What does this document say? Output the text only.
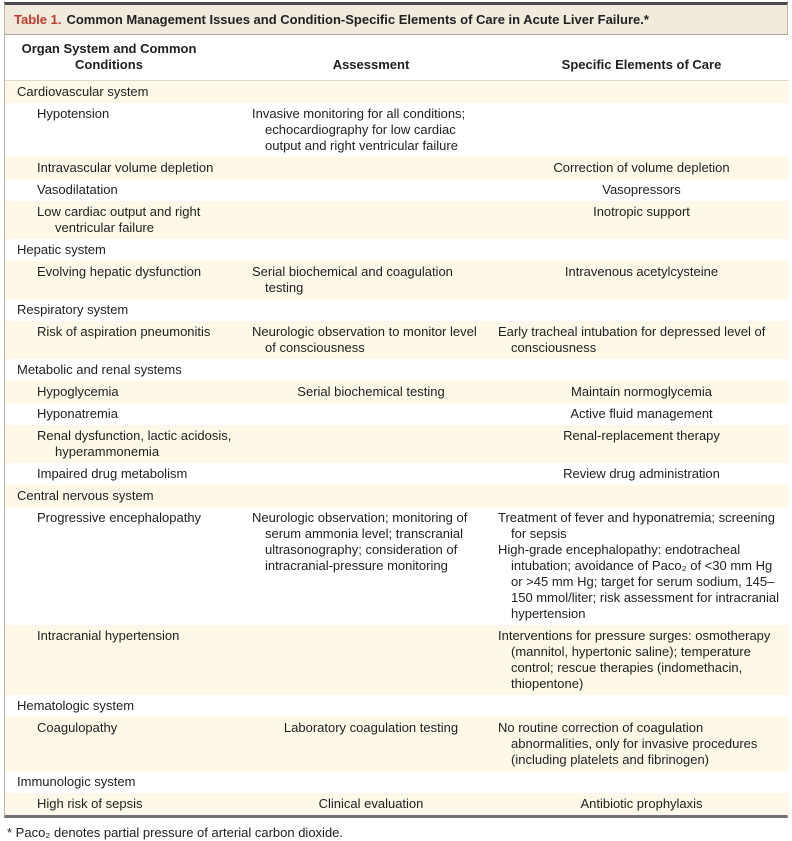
Table 1. Common Management Issues and Condition-Specific Elements of Care in Acute Liver Failure.*
Organ System and Common Conditions	Assessment	Specific Elements of Care
Cardiovascular system		
Hypotension	Invasive monitoring for all conditions; echocardiography for low cardiac output and right ventricular failure	

Intravascular volume depletion		Correction of volume depletion

Vasodilatation		Vasopressors

Low cardiac output and right ventricular failure		Inotropic support

Hepatic system		
Evolving hepatic dysfunction	Serial biochemical and coagulation testing	Intravenous acetylcysteine

Respiratory system		
Risk of aspiration pneumonitis	Neurologic observation to monitor level of consciousness	Early tracheal intubation for depressed level of consciousness

Metabolic and renal systems		
Hypoglycemia	Serial biochemical testing	Maintain normoglycemia

Hyponatremia		Active fluid management

Renal dysfunction, lactic acidosis, hyperammonemia		Renal-replacement therapy

Impaired drug metabolism		Review drug administration

Central nervous system		
Progressive encephalopathy	Neurologic observation; monitoring of serum ammonia level; transcranial ultrasonography; consideration of intracranial-pressure monitoring	Treatment of fever and hyponatremia; screening for sepsis
High-grade encephalopathy: endotracheal intubation; avoidance of Paco₂ of <30 mm Hg or >45 mm Hg; target for serum sodium, 145–150 mmol/liter; risk assessment for intracranial hypertension

Intracranial hypertension		Interventions for pressure surges: osmotherapy (mannitol, hypertonic saline); temperature control; rescue therapies (indomethacin, thiopentone)

Hematologic system		
Coagulopathy	Laboratory coagulation testing	No routine correction of coagulation abnormalities, only for invasive procedures (including platelets and fibrinogen)

Immunologic system		
High risk of sepsis	Clinical evaluation	Antibiotic prophylaxis
* Paco₂ denotes partial pressure of arterial carbon dioxide.
